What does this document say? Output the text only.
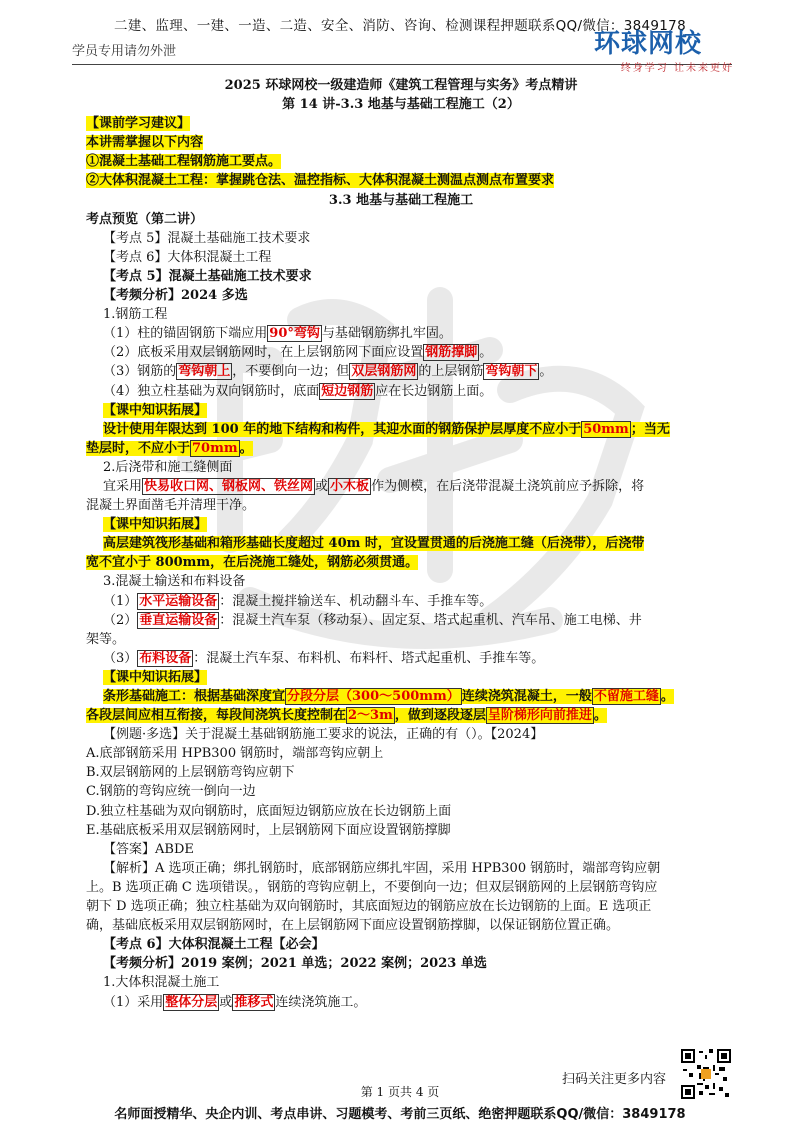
二建、监理、一建、一造、二造、安全、消防、咨询、检测课程押题联系QQ/微信：3849178
学员专用请勿外泄	环球网校
终身学习 让未来更好
2025 环球网校一级建造师《建筑工程管理与实务》考点精讲
第 14 讲-3.3 地基与基础工程施工（2）
【课前学习建议】
本讲需掌握以下内容
①混凝土基础工程钢筋施工要点。
②大体积混凝土工程：掌握跳仓法、温控指标、大体积混凝土测温点测点布置要求
3.3 地基与基础工程施工
考点预览（第二讲）
【考点 5】混凝土基础施工技术要求
【考点 6】大体积混凝土工程
【考点 5】混凝土基础施工技术要求
【考频分析】2024 多选
1.钢筋工程
（1）柱的锚固钢筋下端应用 90°弯钩 与基础钢筋绑扎牢固。
（2）底板采用双层钢筋网时，在上层钢筋网下面应设置 钢筋撑脚 。
（3）钢筋的 弯钩朝上 ，不要倒向一边；但 双层钢筋网 的上层钢筋 弯钩朝下 。
（4）独立柱基础为双向钢筋时，底面 短边钢筋 应在长边钢筋上面。
【课中知识拓展】
设计使用年限达到 100 年的地下结构和构件，其迎水面的钢筋保护层厚度不应小于 50mm ；当无
垫层时，不应小于 70mm 。
2.后浇带和施工缝侧面
宜采用 快易收口网、钢板网、铁丝网 或 小木板 作为侧模，在后浇带混凝土浇筑前应予拆除，将
混凝土界面凿毛并清理干净。
【课中知识拓展】
高层建筑筏形基础和箱形基础长度超过 40m 时，宜设置贯通的后浇施工缝（后浇带），后浇带
宽不宜小于 800mm，在后浇施工缝处，钢筋必须贯通。
3.混凝土输送和布料设备
（1） 水平运输设备 ：混凝土搅拌输送车、机动翻斗车、手推车等。
（2） 垂直运输设备 ：混凝土汽车泵（移动泵）、固定泵、塔式起重机、汽车吊、施工电梯、井
架等。
（3） 布料设备 ：混凝土汽车泵、布料机、布料杆、塔式起重机、手推车等。
【课中知识拓展】
条形基础施工：根据基础深度宜 分段分层（300～500mm） 连续浇筑混凝土，一般 不留施工缝 。
各段层间应相互衔接，每段间浇筑长度控制在 2～3m ，做到逐段逐层 呈阶梯形向前推进 。
【例题·多选】关于混凝土基础钢筋施工要求的说法，正确的有（）。【2024】
A.底部钢筋采用 HPB300 钢筋时，端部弯钩应朝上
B.双层钢筋网的上层钢筋弯钩应朝下
C.钢筋的弯钩应统一倒向一边
D.独立柱基础为双向钢筋时，底面短边钢筋应放在长边钢筋上面
E.基础底板采用双层钢筋网时，上层钢筋网下面应设置钢筋撑脚
【答案】ABDE
【解析】A 选项正确；绑扎钢筋时，底部钢筋应绑扎牢固，采用 HPB300 钢筋时，端部弯钩应朝
上。B 选项正确 C 选项错误。，钢筋的弯钩应朝上，不要倒向一边；但双层钢筋网的上层钢筋弯钩应
朝下 D 选项正确；独立柱基础为双向钢筋时，其底面短边的钢筋应放在长边钢筋的上面。E 选项正
确，基础底板采用双层钢筋网时，在上层钢筋网下面应设置钢筋撑脚，以保证钢筋位置正确。
【考点 6】大体积混凝土工程【必会】
【考频分析】2019 案例；2021 单选；2022 案例；2023 单选
1.大体积混凝土施工
（1）采用 整体分层 或 推移式 连续浇筑施工。
扫码关注更多内容
第 1 页共 4 页
名师面授精华、央企内训、考点串讲、习题模考、考前三页纸、绝密押题联系QQ/微信：3849178
